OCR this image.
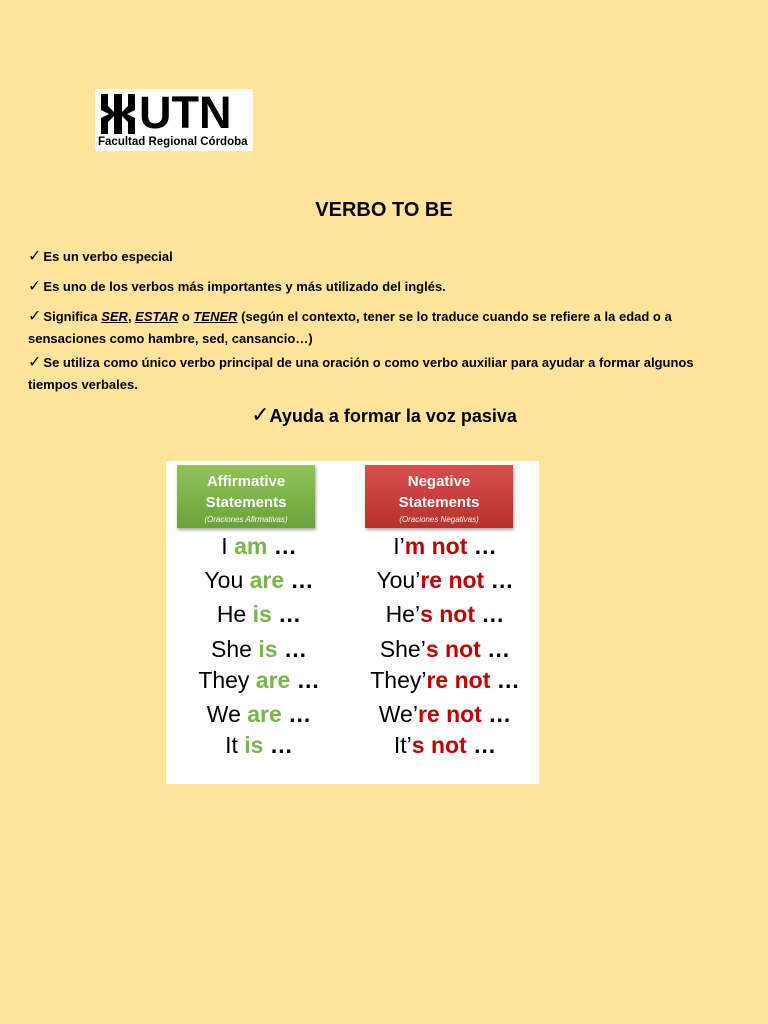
UTN
Facultad Regional Córdoba
VERBO TO BE
✓ Es un verbo especial
✓ Es uno de los verbos más importantes y más utilizado del inglés.
✓ Significa SER, ESTAR o TENER (según el contexto, tener se lo traduce cuando se refiere a la edad o a sensaciones como hambre, sed, cansancio…)
✓ Se utiliza como único verbo principal de una oración o como verbo auxiliar para ayudar a formar algunos tiempos verbales.
✓Ayuda a formar la voz pasiva
Affirmative
Statements
(Oraciones Afirmativas)
Negative
Statements
(Oraciones Negativas)
I am …
You are …
He is …
She is …
They are …
We are …
It is …
I’m not …
You’re not …
He’s not …
She’s not …
They’re not …
We’re not …
It’s not …
